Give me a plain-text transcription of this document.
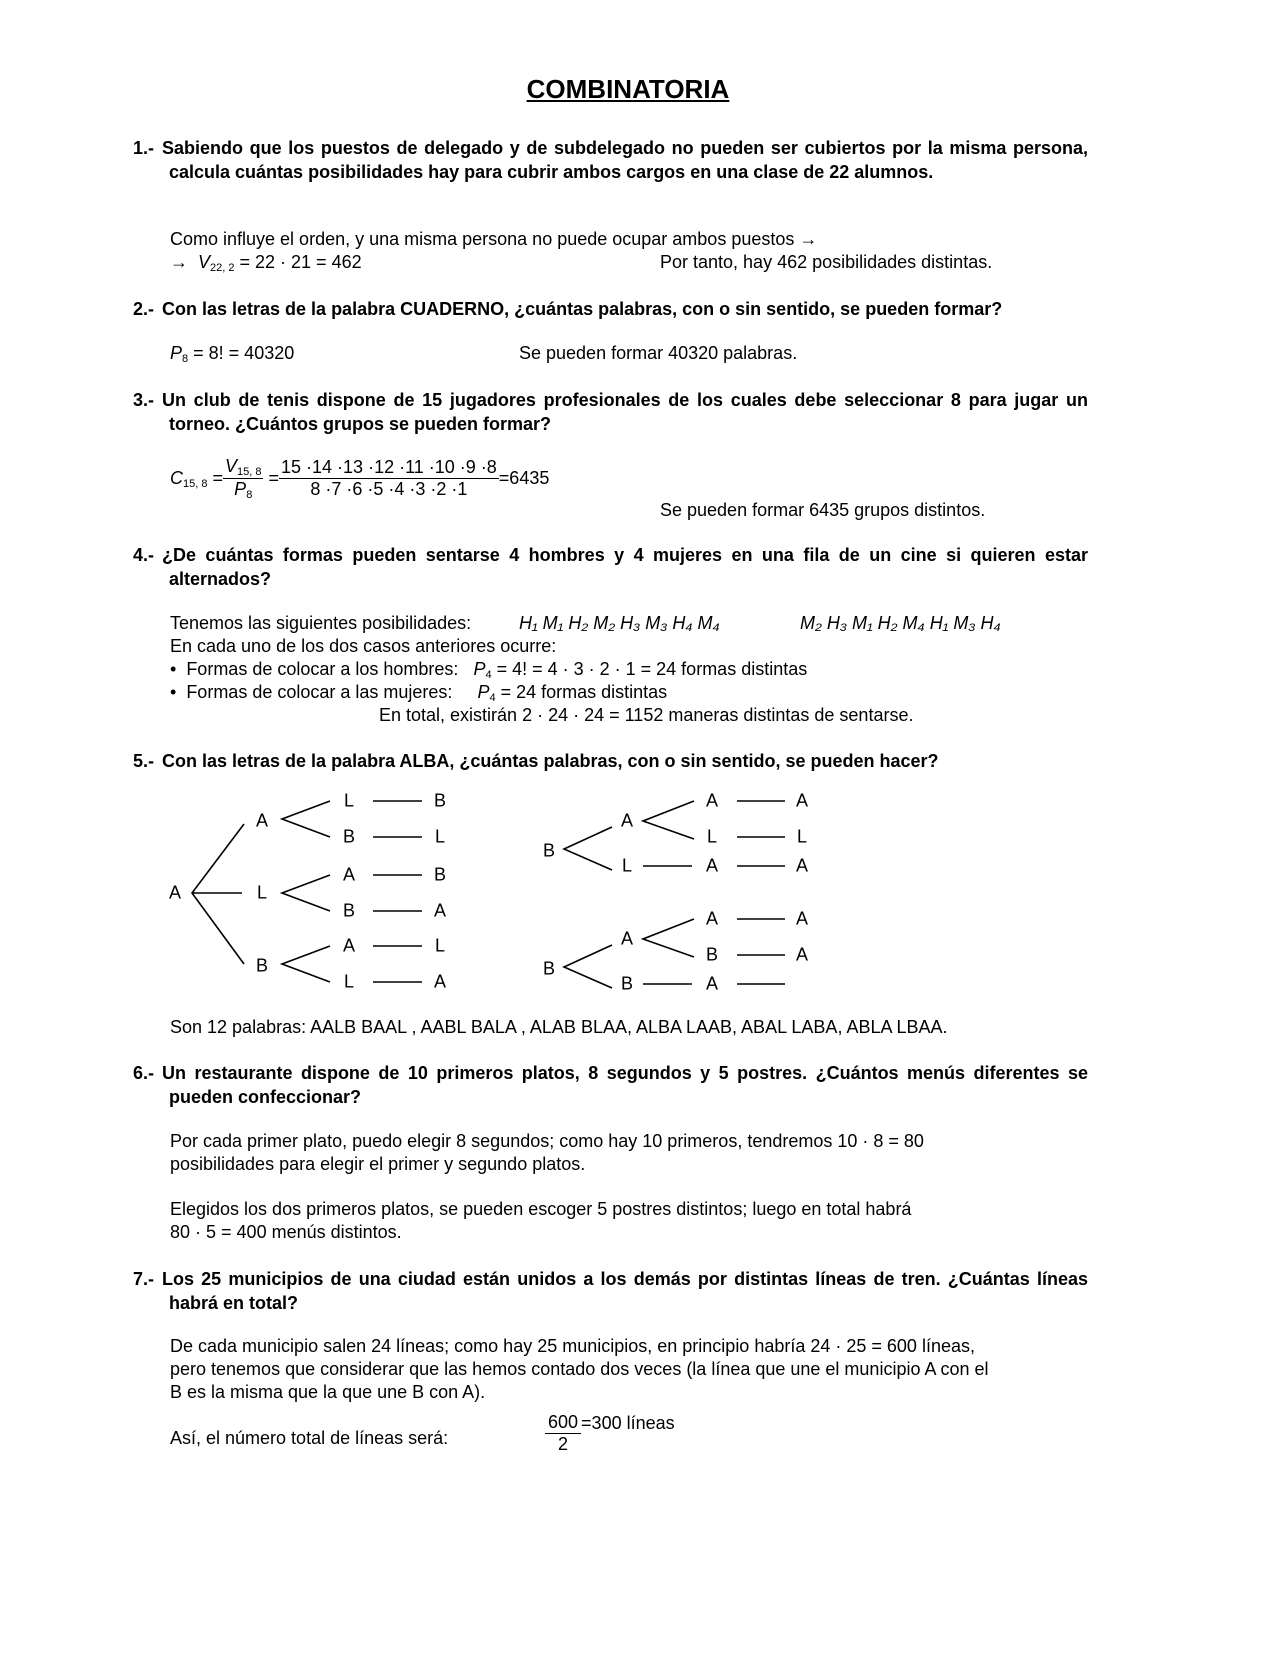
COMBINATORIA
1.- Sabiendo que los puestos de delegado y de subdelegado no pueden ser cubiertos por la misma persona, calcula cuántas posibilidades hay para cubrir ambos cargos en una clase de 22 alumnos.
Como influye el orden, y una misma persona no puede ocupar ambos puestos →
→ $V_{22, 2} = 22 \cdot 21 = 462$	Por tanto, hay 462 posibilidades distintas.
2.- Con las letras de la palabra CUADERNO, ¿cuántas palabras, con o sin sentido, se pueden formar?
$P_8 = 8$! = 40320	Se pueden formar 40320 palabras.
3.- Un club de tenis dispone de 15 jugadores profesionales de los cuales debe seleccionar 8 para jugar un torneo. ¿Cuántos grupos se pueden formar?
$C_{15, 8}$
= $\frac{V_{15, 8}}{P_8}$
= $\frac{15 \cdot 14 \cdot 13 \cdot 12 \cdot 11 \cdot 10 \cdot 9 \cdot 8}{8 \cdot 7 \cdot 6 \cdot 5 \cdot 4 \cdot 3 \cdot 2 \cdot 1} =6435$
Se pueden formar 6435 grupos distintos.
4.- ¿De cuántas formas pueden sentarse 4 hombres y 4 mujeres en una fila de un cine si quieren estar alternados?
Tenemos las siguientes posibilidades:	H₁ M₁ H₂ M₂ H₃ M₃ H₄ M₄	M₂ H₃ M₁ H₂ M₄ H₁ M₃ H₄
En cada uno de los dos casos anteriores ocurre:
•  Formas de colocar a los hombres: $P_4 = 4$! = 4 · 3 · 2 · 1 = 24 formas distintas
•  Formas de colocar a las mujeres: $P_4 = 24$ formas distintas
En total, existirán 2 · 24 · 24 = 1152 maneras distintas de sentarse.
5.- Con las letras de la palabra ALBA, ¿cuántas palabras, con o sin sentido, se pueden hacer?
A
A
L
B
L
B
A
B
A
L
B
L
B
A
L
A
B
A
L
A
L
A
A
L
A
B
A
B
A
B
A
A
A
Son 12 palabras: AALB BAAL , AABL BALA , ALAB BLAA, ALBA LAAB, ABAL LABA, ABLA LBAA.
6.- Un restaurante dispone de 10 primeros platos, 8 segundos y 5 postres. ¿Cuántos menús diferentes se pueden confeccionar?
Por cada primer plato, puedo elegir 8 segundos; como hay 10 primeros, tendremos 10 · 8 = 80
posibilidades para elegir el primer y segundo platos.
Elegidos los dos primeros platos, se pueden escoger 5 postres distintos; luego en total habrá
80 · 5 = 400 menús distintos.
7.- Los 25 municipios de una ciudad están unidos a los demás por distintas líneas de tren. ¿Cuántas líneas habrá en total?
De cada municipio salen 24 líneas; como hay 25 municipios, en principio habría 24 · 25 = 600 líneas,
pero tenemos que considerar que las hemos contado dos veces (la línea que une el municipio A con el
B es la misma que la que une B con A).
Así, el número total de líneas será:	$\frac{600}{2} =300$ líneas
